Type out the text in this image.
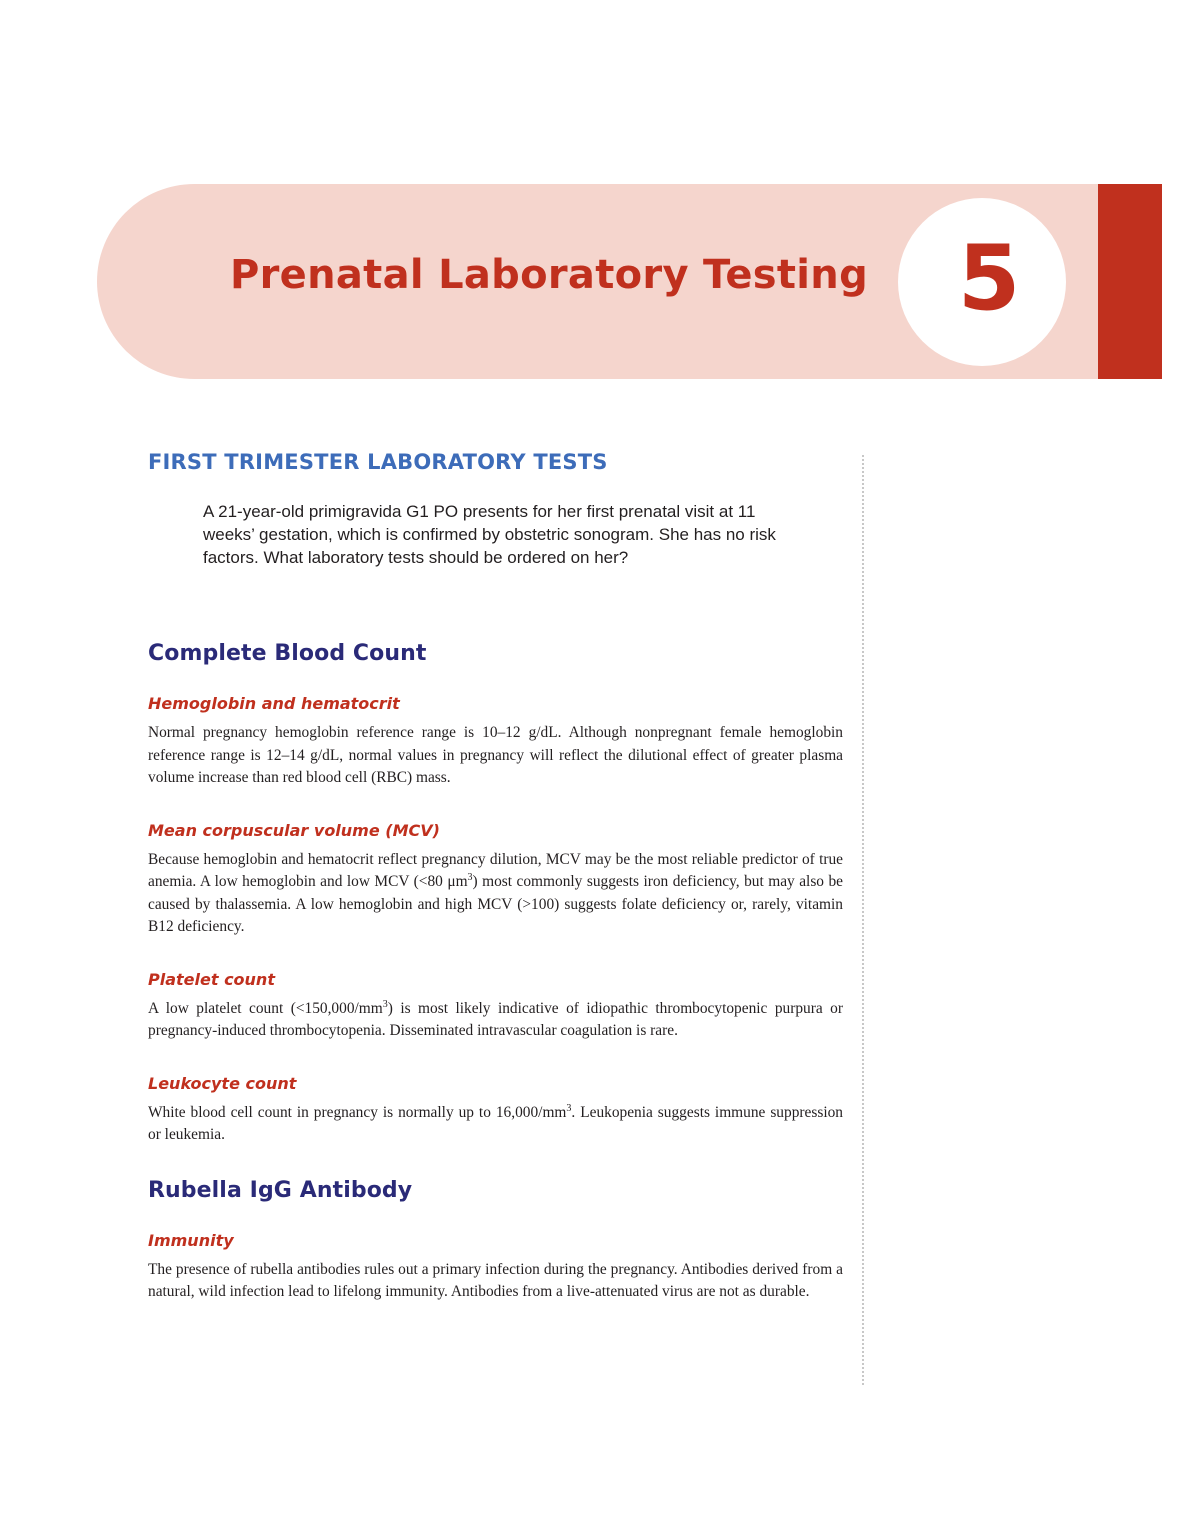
Prenatal Laboratory Testing 5
FIRST TRIMESTER LABORATORY TESTS

A 21-year-old primigravida G1 PO presents for her first prenatal visit at 11 weeks’ gestation, which is confirmed by obstetric sonogram. She has no risk factors. What laboratory tests should be ordered on her?

Complete Blood Count
Hemoglobin and hematocrit

Normal pregnancy hemoglobin reference range is 10–12 g/dL. Although nonpregnant female hemoglobin reference range is 12–14 g/dL, normal values in pregnancy will reflect the dilutional effect of greater plasma volume increase than red blood cell (RBC) mass.

Mean corpuscular volume (MCV)

Because hemoglobin and hematocrit reflect pregnancy dilution, MCV may be the most reliable predictor of true anemia. A low hemoglobin and low MCV (<80 $\mu m^3$) most commonly suggests iron deficiency, but may also be caused by thalassemia. A low hemoglobin and high MCV (>100) suggests folate deficiency or, rarely, vitamin B12 deficiency.

Platelet count

A low platelet count $(<150,000/mm^3)$ is most likely indicative of idiopathic thrombocytopenic purpura or pregnancy-induced thrombocytopenia. Disseminated intravascular coagulation is rare.

Leukocyte count

White blood cell count in pregnancy is normally up to $16,000/mm^3$. Leukopenia suggests immune suppression or leukemia.

Rubella IgG Antibody
Immunity

The presence of rubella antibodies rules out a primary infection during the pregnancy. Antibodies derived from a natural, wild infection lead to lifelong immunity. Antibodies from a live-attenuated virus are not as durable.
